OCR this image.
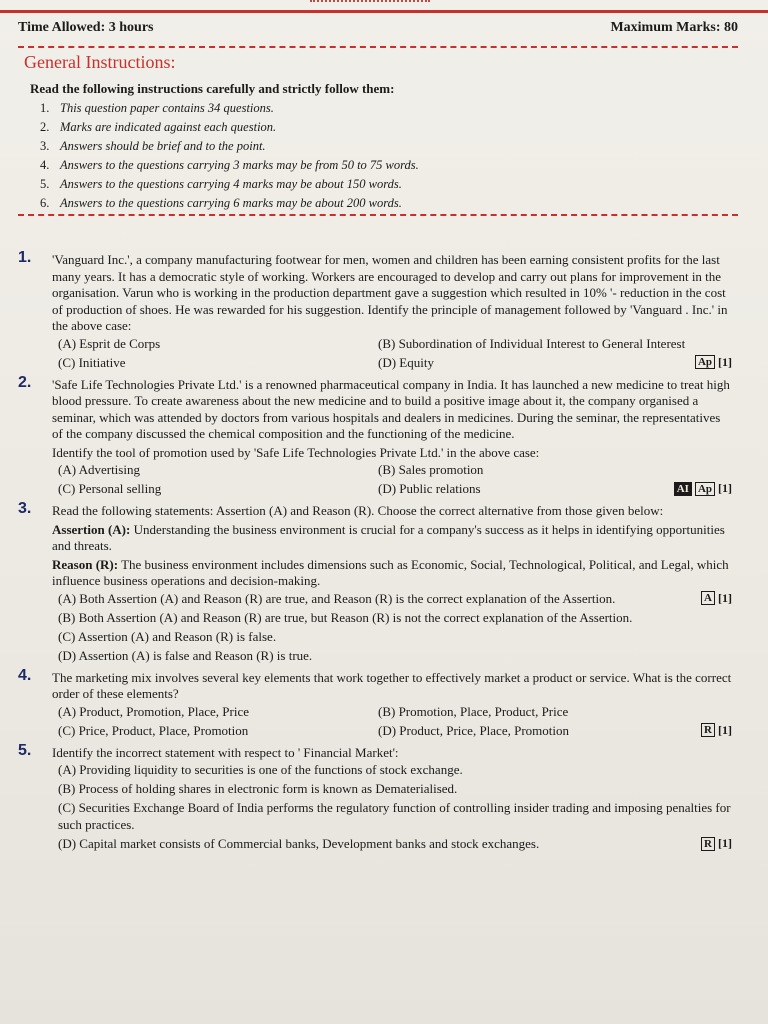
Time Allowed: 3 hours	Maximum Marks: 80
General Instructions:
Read the following instructions carefully and strictly follow them:
1. This question paper contains 34 questions.
2. Marks are indicated against each question.
3. Answers should be brief and to the point.
4. Answers to the questions carrying 3 marks may be from 50 to 75 words.
5. Answers to the questions carrying 4 marks may be about 150 words.
6. Answers to the questions carrying 6 marks may be about 200 words.
1. 'Vanguard Inc.', a company manufacturing footwear for men, women and children has been earning consistent profits for the last many years. It has a democratic style of working. Workers are encouraged to develop and carry out plans for improvement in the organisation. Varun who is working in the production department gave a suggestion which resulted in 10% '- reduction in the cost of production of shoes. He was rewarded for his suggestion. Identify the principle of management followed by 'Vanguard . Inc.' in the above case:
(A) Esprit de Corps	(B) Subordination of Individual Interest to General Interest
(C) Initiative	(D) Equity	Ap [1]
2. 'Safe Life Technologies Private Ltd.' is a renowned pharmaceutical company in India. It has launched a new medicine to treat high blood pressure. To create awareness about the new medicine and to build a positive image about it, the company organised a seminar, which was attended by doctors from various hospitals and dealers in medicines. During the seminar, the representatives of the company discussed the chemical composition and the functioning of the medicine.
Identify the tool of promotion used by 'Safe Life Technologies Private Ltd.' in the above case:
(A) Advertising	(B) Sales promotion
(C) Personal selling	(D) Public relations	AI Ap [1]
3. Read the following statements: Assertion (A) and Reason (R). Choose the correct alternative from those given below:
Assertion (A): Understanding the business environment is crucial for a company's success as it helps in identifying opportunities and threats.
Reason (R): The business environment includes dimensions such as Economic, Social, Technological, Political, and Legal, which influence business operations and decision-making.
(A) Both Assertion (A) and Reason (R) are true, and Reason (R) is the correct explanation of the Assertion.	A [1]
(B) Both Assertion (A) and Reason (R) are true, but Reason (R) is not the correct explanation of the Assertion.
(C) Assertion (A) and Reason (R) is false.
(D) Assertion (A) is false and Reason (R) is true.
4. The marketing mix involves several key elements that work together to effectively market a product or service. What is the correct order of these elements?
(A) Product, Promotion, Place, Price	(B) Promotion, Place, Product, Price
(C) Price, Product, Place, Promotion	(D) Product, Price, Place, Promotion	R [1]
5. Identify the incorrect statement with respect to ' Financial Market':
(A) Providing liquidity to securities is one of the functions of stock exchange.
(B) Process of holding shares in electronic form is known as Dematerialised.
(C) Securities Exchange Board of India performs the regulatory function of controlling insider trading and imposing penalties for such practices.
(D) Capital market consists of Commercial banks, Development banks and stock exchanges.	R [1]
